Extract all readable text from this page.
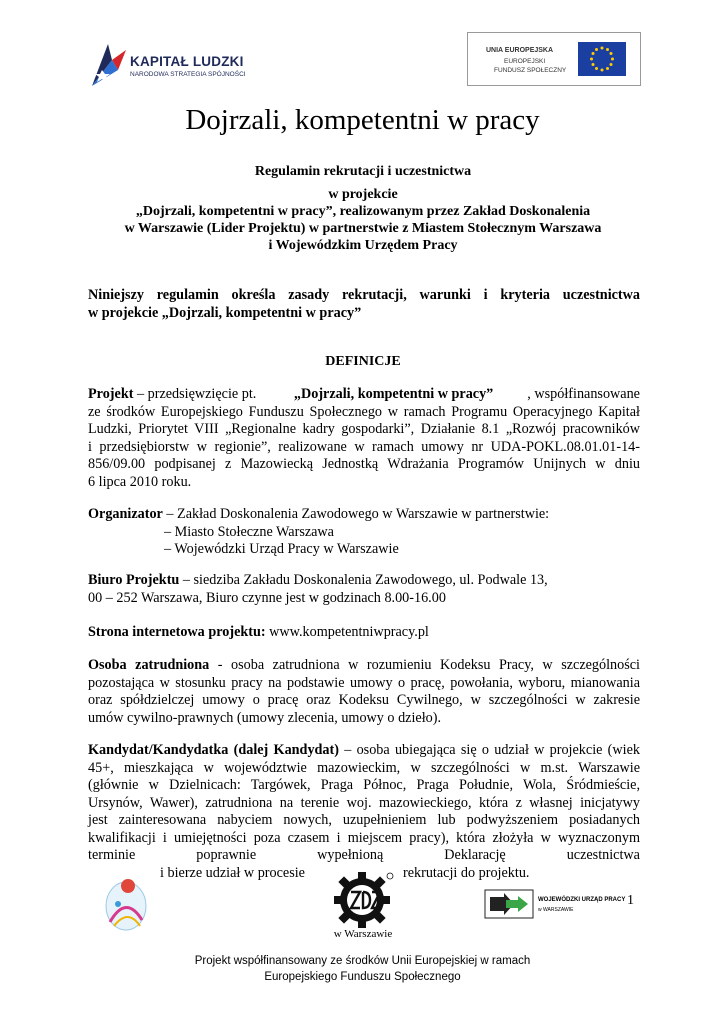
KAPITAŁ LUDZKI
NARODOWA STRATEGIA SPÓJNOŚCI
UNIA EUROPEJSKA
EUROPEJSKI
FUNDUSZ SPOŁECZNY
Dojrzali, kompetentni w pracy
Regulamin rekrutacji i uczestnictwa
w projekcie
„Dojrzali, kompetentni w pracy”, realizowanym przez Zakład Doskonalenia
w Warszawie (Lider Projektu) w partnerstwie z Miastem Stołecznym Warszawa
i Wojewódzkim Urzędem Pracy
Niniejszy regulamin określa zasady rekrutacji, warunki i kryteria uczestnictwa
w projekcie „Dojrzali, kompetentni w pracy”
DEFINICJE
Projekt – przedsięwzięcie pt. „Dojrzali, kompetentni w pracy” , współfinansowane
ze środków Europejskiego Funduszu Społecznego w ramach Programu Operacyjnego Kapitał
Ludzki, Priorytet VIII „Regionalne kadry gospodarki”, Działanie 8.1 „Rozwój pracowników
i przedsiębiorstw w regionie”, realizowane w ramach umowy nr UDA-POKL.08.01.01-14-
856/09.00 podpisanej z Mazowiecką Jednostką Wdrażania Programów Unijnych w dniu
6 lipca 2010 roku.
Organizator – Zakład Doskonalenia Zawodowego w Warszawie w partnerstwie:
– Miasto Stołeczne Warszawa
– Wojewódzki Urząd Pracy w Warszawie
Biuro Projektu – siedziba Zakładu Doskonalenia Zawodowego, ul. Podwale 13,
00 – 252 Warszawa, Biuro czynne jest w godzinach 8.00-16.00
Strona internetowa projektu: www.kompetentniwpracy.pl
Osoba zatrudniona - osoba zatrudniona w rozumieniu Kodeksu Pracy, w szczególności
pozostająca w stosunku pracy na podstawie umowy o pracę, powołania, wyboru, mianowania
oraz spółdzielczej umowy o pracę oraz Kodeksu Cywilnego, w szczególności w zakresie
umów cywilno-prawnych (umowy zlecenia, umowy o dzieło).
Kandydat/Kandydatka (dalej Kandydat) – osoba ubiegająca się o udział w projekcie (wiek
45+, mieszkająca w województwie mazowieckim, w szczególności w m.st. Warszawie
(głównie w Dzielnicach: Targówek, Praga Północ, Praga Południe, Wola, Śródmieście,
Ursynów, Wawer), zatrudniona na terenie woj. mazowieckiego, która z własnej inicjatywy
jest zainteresowana nabyciem nowych, uzupełnieniem lub podwyższeniem posiadanych
kwalifikacji i umiejętności poza czasem i miejscem pracy), która złożyła w wyznaczonym
terminie	poprawnie	wypełnioną	Deklarację	uczestnictwa
i bierze udział w procesie	rekrutacji do projektu.
w Warszawie
WOJEWÓDZKI URZĄD PRACY
w WARSZAWIE
1
Projekt współfinansowany ze środków Unii Europejskiej w ramach
Europejskiego Funduszu Społecznego
